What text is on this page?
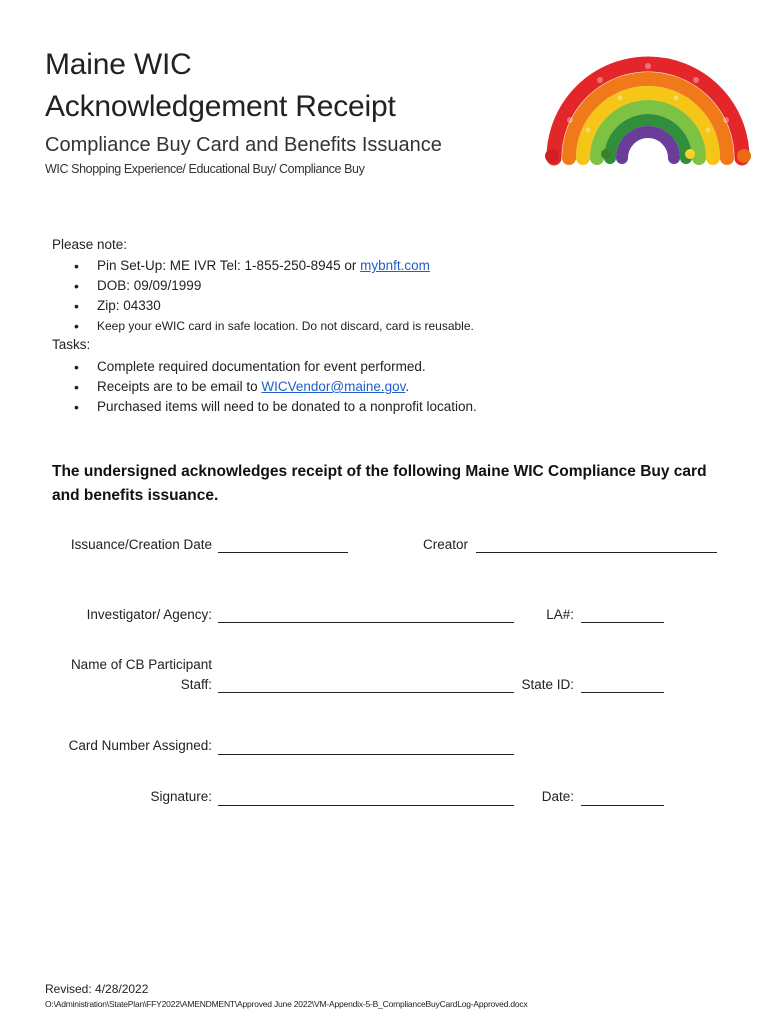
Maine WIC
Acknowledgement Receipt
Compliance Buy Card and Benefits Issuance
WIC Shopping Experience/ Educational Buy/ Compliance Buy
Please note:
• Pin Set-Up: ME IVR Tel: 1-855-250-8945 or mybnft.com
• DOB: 09/09/1999
• Zip: 04330
• Keep your eWIC card in safe location. Do not discard, card is reusable.
Tasks:
• Complete required documentation for event performed.
• Receipts are to be email to WICVendor@maine.gov.
• Purchased items will need to be donated to a nonprofit location.
The undersigned acknowledges receipt of the following Maine WIC Compliance Buy card and benefits issuance.
Issuance/Creation Date	Creator
Investigator/ Agency:	LA#:
Name of CB Participant
Staff:	State ID:
Card Number Assigned:
Signature:	Date:
Revised: 4/28/2022
O:\Administration\StatePlan\FFY2022\AMENDMENT\Approved June 2022\VM-Appendix-5-B_ComplianceBuyCardLog-Approved.docx
